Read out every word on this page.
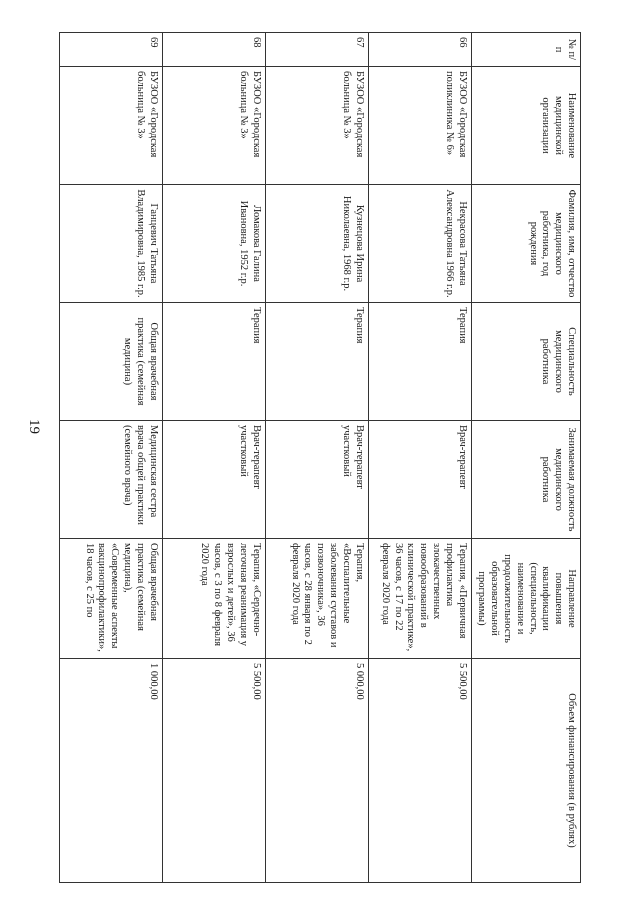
19
№ п/п	Наименование медицинской организации	Фамилия, имя, отчество медицинского работника, год рождения	Специальность медицинского работника	Занимаемая должность медицинского работника	Направление повышения квалификации (специальность, наименование и продолжительность образовательной программы)	Объем финансирования (в рублях)
66	БУЗОО «Городская поликлиника № 6»	Некрасова Татьяна Александровна 1966 г.р.	Терапия	Врач-терапевт	Терапия, «Первичная профилактика злокачественных новообразований в клинической практике», 36 часов, с 17 по 22 февраля 2020 года	5 500,00
67	БУЗОО «Городская больница № 3»	Кузнецова Ирина Николаевна, 1968 г.р.	Терапия	Врач-терапевт участковый	Терапия, «Воспалительные заболевания суставов и позвоночника», 36 часов, с 28 января по 2 февраля 2020 года	5 000,00
68	БУЗОО «Городская больница № 3»	Ломакова Галина Ивановна, 1952 г.р.	Терапия	Врач-терапевт участковый	Терапия, «Сердечно-легочная реанимация у взрослых и детей», 36 часов, с 3 по 8 февраля 2020 года	5 500,00
69	БУЗОО «Городская больница № 3»	Ганцевич Татьяна Владимировна, 1985 г.р.	Общая врачебная практика (семейная медицина)	Медицинская сестра врача общей практики (семейного врача)	Общая врачебная практика (семейная медицина), «Современные аспекты вакцинопрофилактики», 18 часов, с 25 по	1 000,00
